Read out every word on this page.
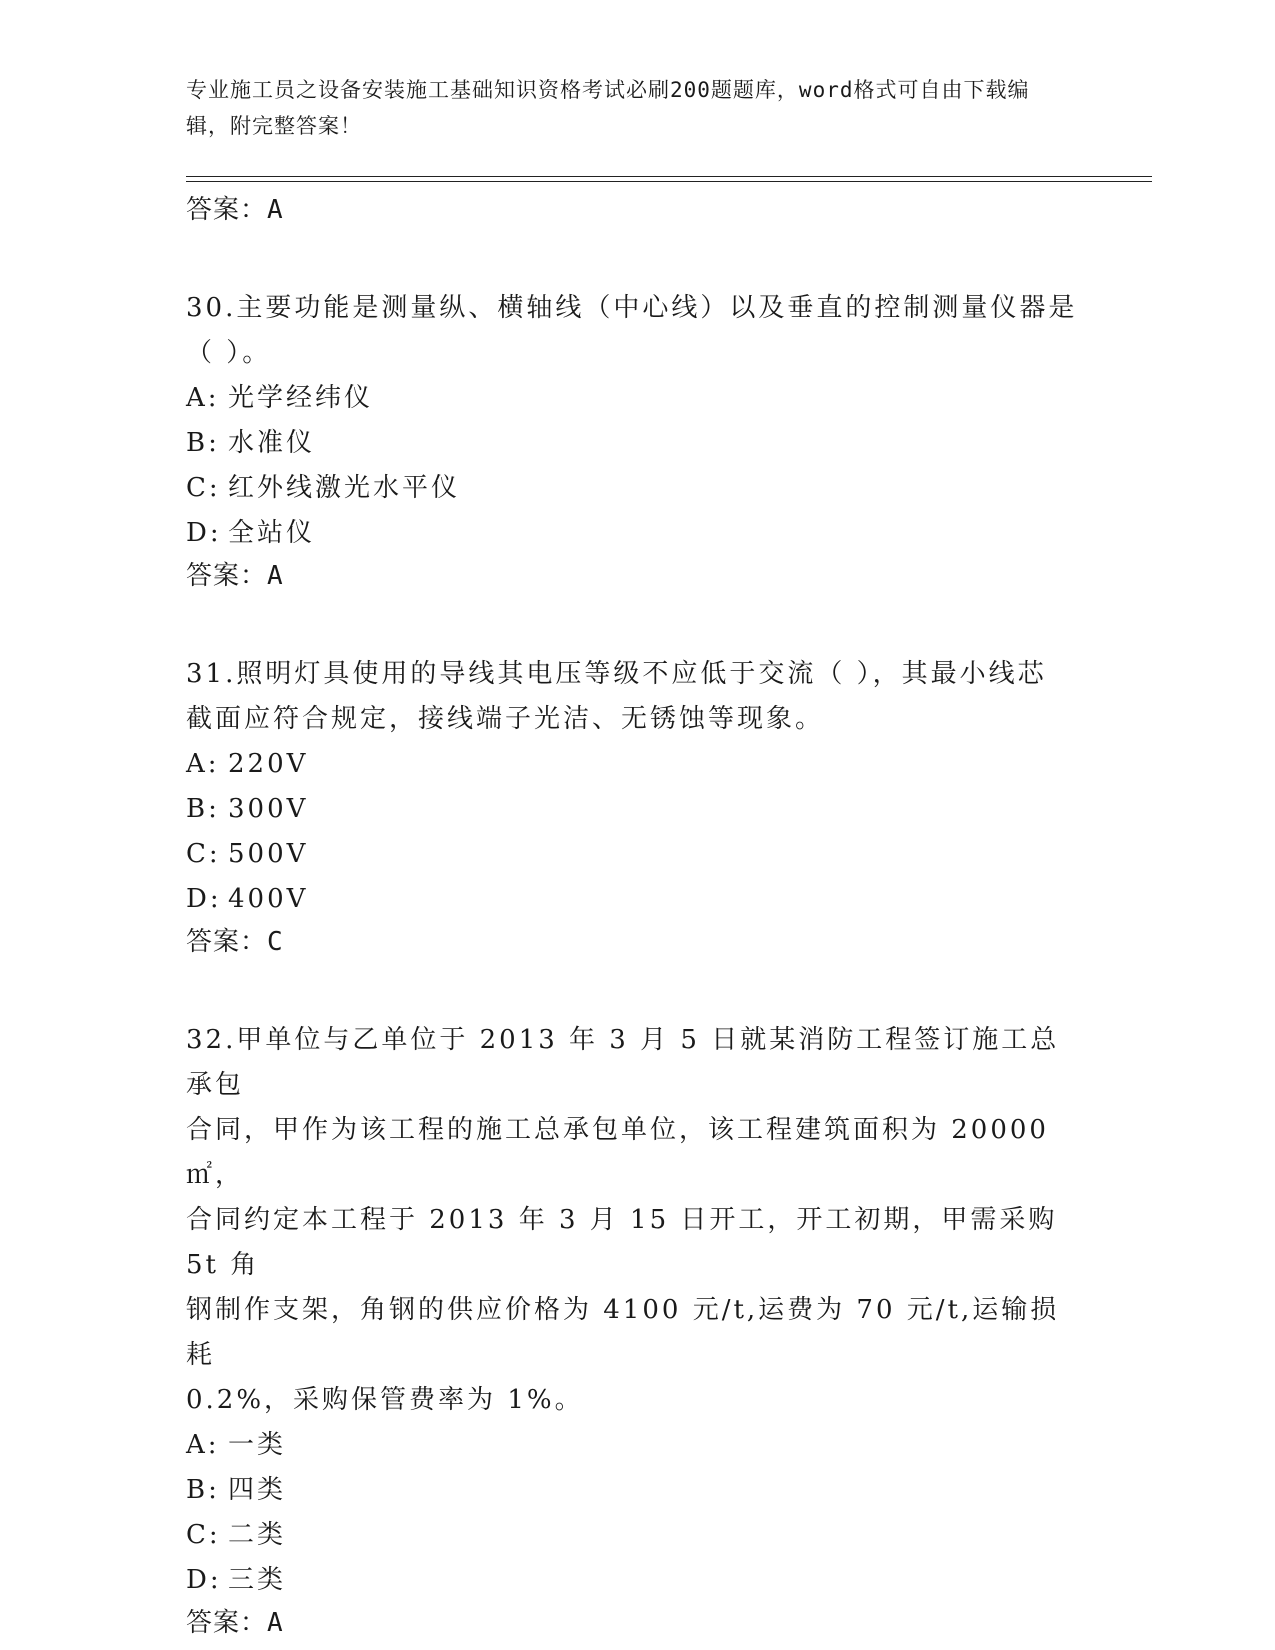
专业施工员之设备安装施工基础知识资格考试必刷200题题库，word格式可自由下载编辑，附完整答案！
答案：A
30.主要功能是测量纵、横轴线（中心线）以及垂直的控制测量仪器是
（ ）。
A: 光学经纬仪
B: 水准仪
C: 红外线激光水平仪
D: 全站仪
答案：A
31.照明灯具使用的导线其电压等级不应低于交流（ ），其最小线芯
截面应符合规定，接线端子光洁、无锈蚀等现象。
A: 220V
B: 300V
C: 500V
D: 400V
答案：C
32.甲单位与乙单位于 2013 年 3 月 5 日就某消防工程签订施工总承包
合同，甲作为该工程的施工总承包单位，该工程建筑面积为 20000㎡，
合同约定本工程于 2013 年 3 月 15 日开工，开工初期，甲需采购 5t 角
钢制作支架，角钢的供应价格为 4100 元/t,运费为 70 元/t,运输损耗
0.2%，采购保管费率为 1%。
A: 一类
B: 四类
C: 二类
D: 三类
答案：A
